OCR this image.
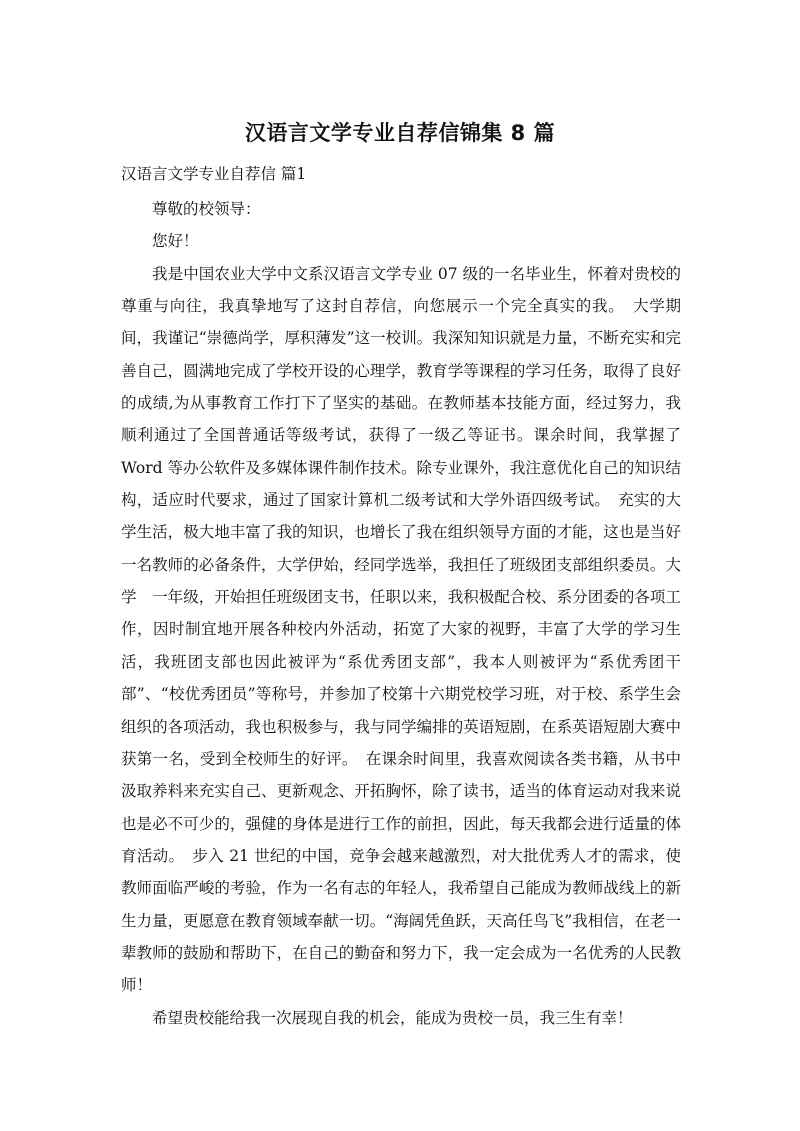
汉语言文学专业自荐信锦集 8 篇
汉语言文学专业自荐信 篇1

尊敬的校领导：

您好！

我是中国农业大学中文系汉语言文学专业 07 级的一名毕业生，怀着对贵校的尊重与向往，我真挚地写了这封自荐信，向您展示一个完全真实的我。　大学期间，我谨记“崇德尚学，厚积薄发”这一校训。我深知知识就是力量，不断充实和完善自己，圆满地完成了学校开设的心理学，教育学等课程的学习任务，取得了良好的成绩,为从事教育工作打下了坚实的基础。在教师基本技能方面，经过努力，我顺利通过了全国普通话等级考试，获得了一级乙等证书。课余时间，我掌握了 Word 等办公软件及多媒体课件制作技术。除专业课外，我注意优化自己的知识结构，适应时代要求，通过了国家计算机二级考试和大学外语四级考试。　充实的大学生活，极大地丰富了我的知识，也增长了我在组织领导方面的才能，这也是当好一名教师的必备条件，大学伊始，经同学选举，我担任了班级团支部组织委员。大学　一年级，开始担任班级团支书，任职以来，我积极配合校、系分团委的各项工作，因时制宜地开展各种校内外活动，拓宽了大家的视野，丰富了大学的学习生活，我班团支部也因此被评为“系优秀团支部”，我本人则被评为“系优秀团干部”、“校优秀团员”等称号，并参加了校第十六期党校学习班，对于校、系学生会组织的各项活动，我也积极参与，我与同学编排的英语短剧，在系英语短剧大赛中获第一名，受到全校师生的好评。　在课余时间里，我喜欢阅读各类书籍，从书中汲取养料来充实自己、更新观念、开拓胸怀，除了读书，适当的体育运动对我来说也是必不可少的，强健的身体是进行工作的前担，因此，每天我都会进行适量的体育活动。　步入 21 世纪的中国，竞争会越来越激烈，对大批优秀人才的需求，使教师面临严峻的考验，作为一名有志的年轻人，我希望自己能成为教师战线上的新生力量，更愿意在教育领域奉献一切。“海阔凭鱼跃，天高任鸟飞”我相信，在老一辈教师的鼓励和帮助下，在自己的勤奋和努力下，我一定会成为一名优秀的人民教师！

希望贵校能给我一次展现自我的机会，能成为贵校一员，我三生有幸！
